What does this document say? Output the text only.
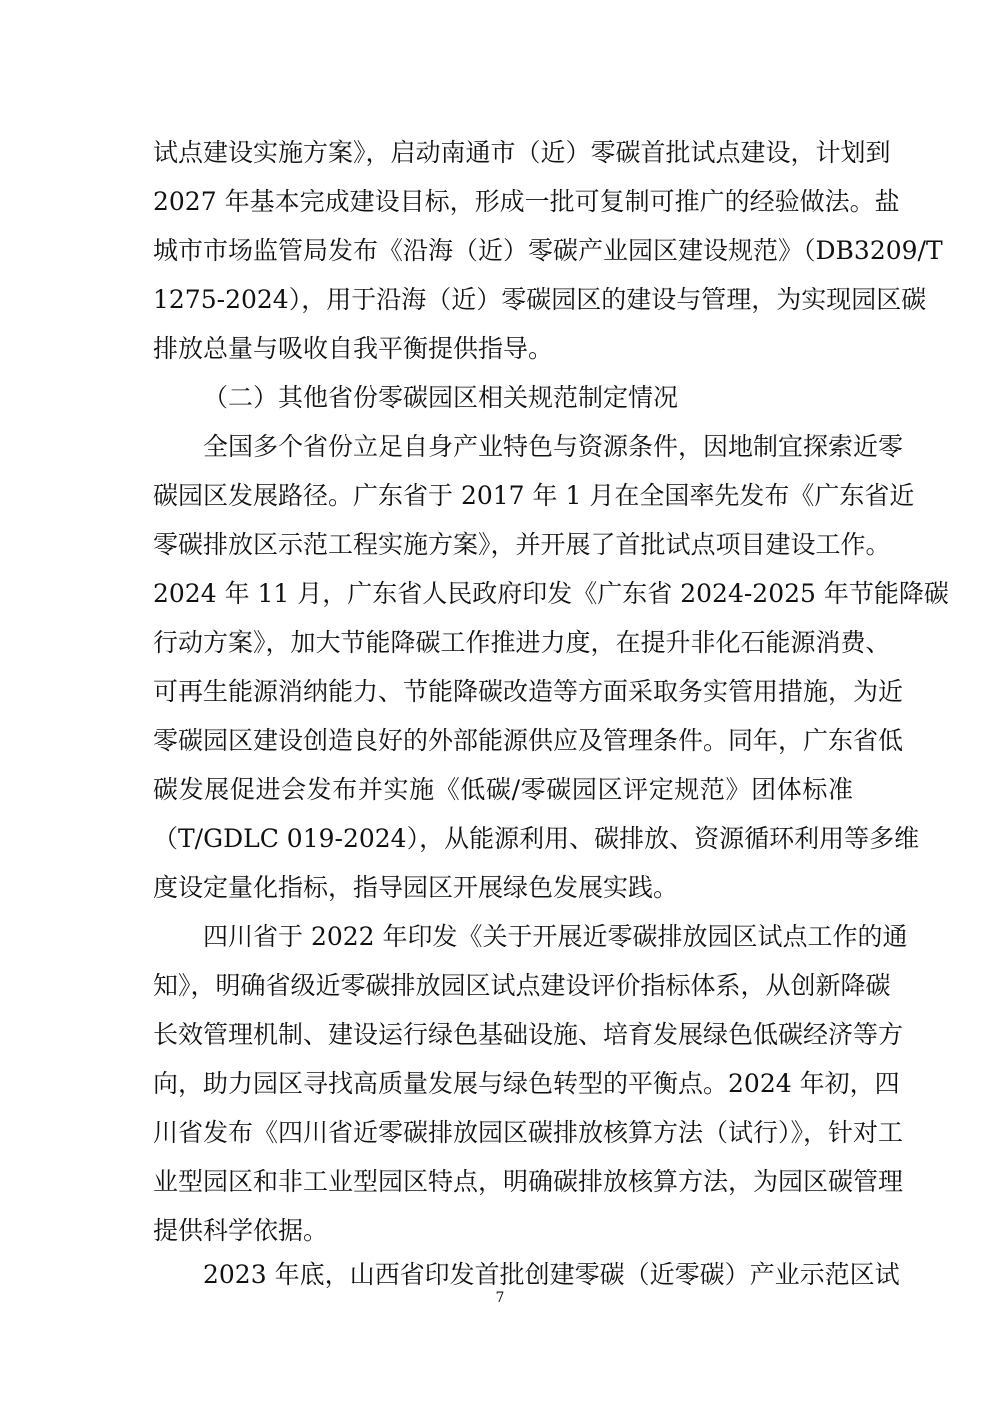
试点建设实施方案》，启动南通市（近）零碳首批试点建设，计划到
2027 年基本完成建设目标，形成一批可复制可推广的经验做法。盐
城市市场监管局发布《沿海（近）零碳产业园区建设规范》（DB3209/T
1275-2024），用于沿海（近）零碳园区的建设与管理，为实现园区碳
排放总量与吸收自我平衡提供指导。
（二）其他省份零碳园区相关规范制定情况
全国多个省份立足自身产业特色与资源条件，因地制宜探索近零
碳园区发展路径。广东省于 2017 年 1 月在全国率先发布《广东省近
零碳排放区示范工程实施方案》，并开展了首批试点项目建设工作。
2024 年 11 月，广东省人民政府印发《广东省 2024-2025 年节能降碳
行动方案》，加大节能降碳工作推进力度，在提升非化石能源消费、
可再生能源消纳能力、节能降碳改造等方面采取务实管用措施，为近
零碳园区建设创造良好的外部能源供应及管理条件。同年，广东省低
碳发展促进会发布并实施《低碳/零碳园区评定规范》团体标准
（T/GDLC 019-2024），从能源利用、碳排放、资源循环利用等多维
度设定量化指标，指导园区开展绿色发展实践。
四川省于 2022 年印发《关于开展近零碳排放园区试点工作的通
知》，明确省级近零碳排放园区试点建设评价指标体系，从创新降碳
长效管理机制、建设运行绿色基础设施、培育发展绿色低碳经济等方
向，助力园区寻找高质量发展与绿色转型的平衡点。2024 年初，四
川省发布《四川省近零碳排放园区碳排放核算方法（试行）》，针对工
业型园区和非工业型园区特点，明确碳排放核算方法，为园区碳管理
提供科学依据。
2023 年底，山西省印发首批创建零碳（近零碳）产业示范区试
7
